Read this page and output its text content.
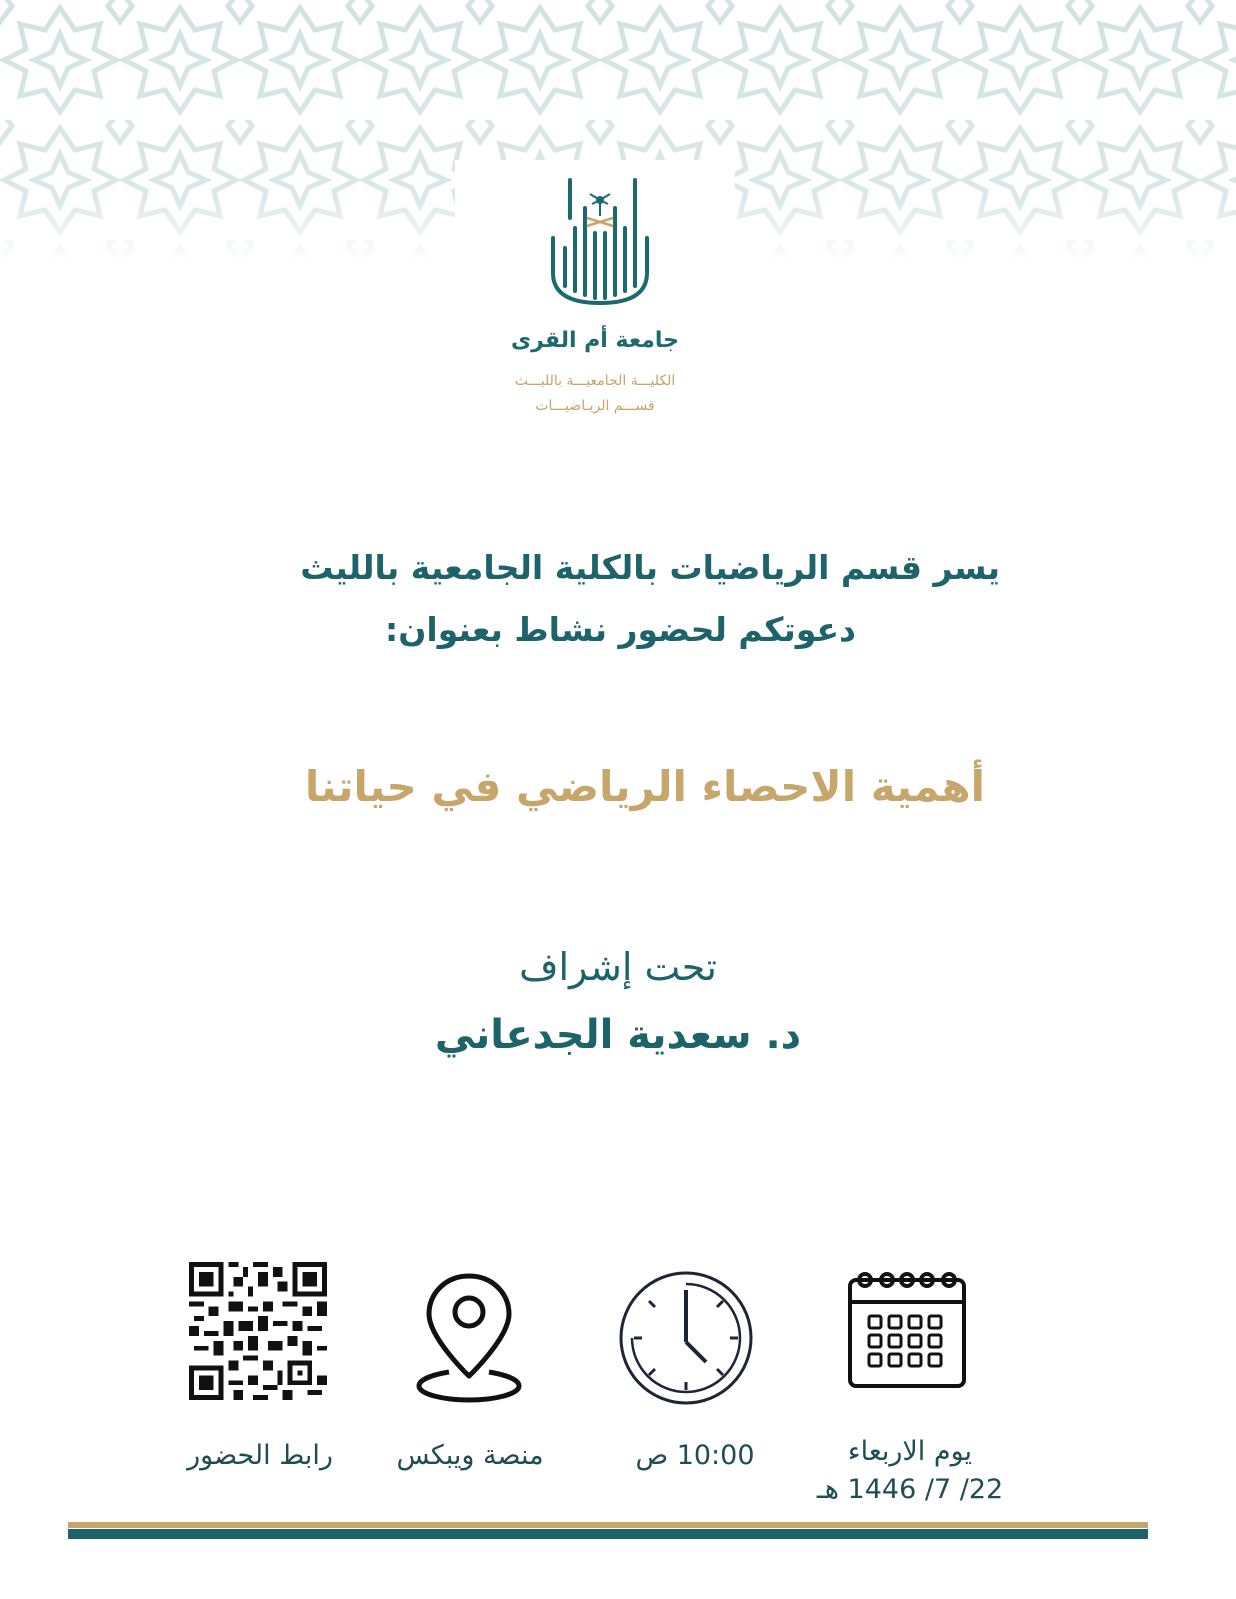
جامعة أم القرى
الكليـــة الجامعيـــة بالليـــث
قســـم الريـاضيـــات
يسر قسم الرياضيات بالكلية الجامعية بالليث
دعوتكم لحضور نشاط بعنوان:
أهمية الاحصاء الرياضي في حياتنا
تحت إشراف
د. سعدية الجدعاني
يوم الاربعاء
22/ 7/ 1446 هـ
10:00 ص
منصة ويبكس
رابط الحضور
